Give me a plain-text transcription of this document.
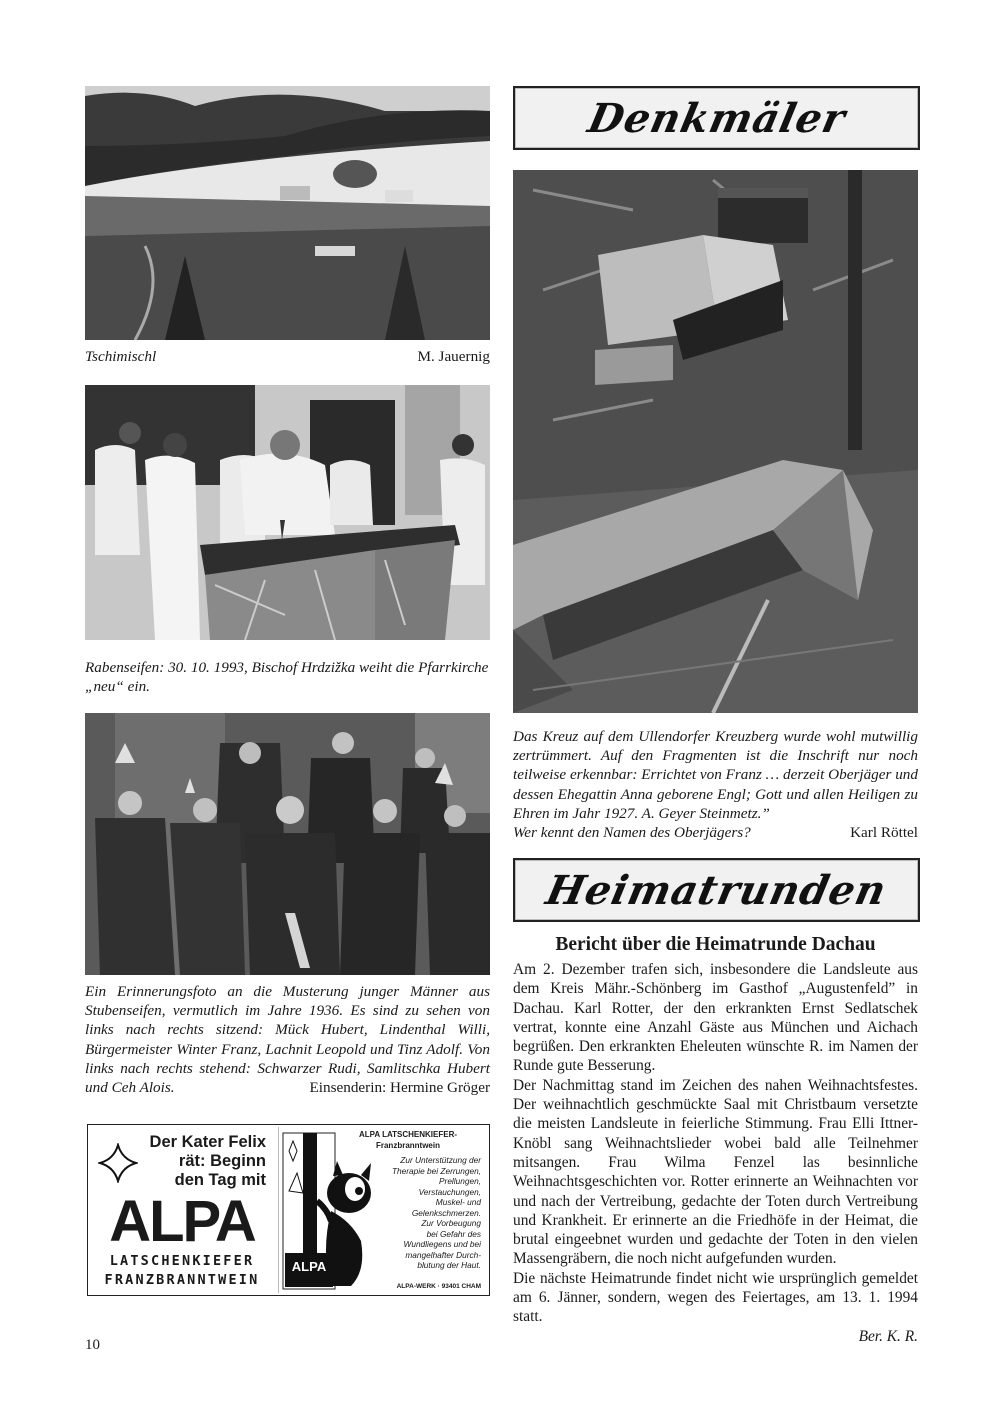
Tschimischl	M. Jauernig
Rabenseifen: 30. 10. 1993, Bischof Hrdzižka weiht die Pfarrkirche „neu“ ein.
Ein Erinnerungsfoto an die Musterung junger Männer aus Stubenseifen, vermutlich im Jahre 1936. Es sind zu sehen von links nach rechts sitzend: Mück Hubert, Lindenthal Willi, Bürgermeister Winter Franz, Lachnit Leopold und Tinz Adolf. Von links nach rechts stehend: Schwarzer Rudi, Samlitschka Hubert und Ceh Alois.	Einsenderin: Hermine Gröger
Der Kater Felix
rät: Beginn
den Tag mit
ALPA
LATSCHENKIEFER
FRANZBRANNTWEIN
ALPA
ALPA LATSCHENKIEFER-
Franzbranntwein
Zur Unterstützung der
Therapie bei Zerrungen,
Prellungen,
Verstauchungen,
Muskel- und
Gelenkschmerzen.
Zur Vorbeugung
bei Gefahr des
Wundliegens und bei
mangelhafter Durch-
blutung der Haut.
ALPA-WERK · 93401 CHAM
10
Denkmäler
Das Kreuz auf dem Ullendorfer Kreuzberg wurde wohl mutwillig zertrümmert. Auf den Fragmenten ist die Inschrift nur noch teilweise erkennbar: Errichtet von Franz … derzeit Oberjäger und dessen Ehegattin Anna geborene Engl; Gott und allen Heiligen zu Ehren im Jahr 1927. A. Geyer Steinmetz.”
Wer kennt den Namen des Oberjägers?	Karl Röttel
Heimatrunden
Bericht über die Heimatrunde Dachau

Am 2. Dezember trafen sich, insbesondere die Landsleute aus dem Kreis Mähr.-Schönberg im Gasthof „Augustenfeld” in Dachau. Karl Rotter, der den erkrankten Ernst Sedlatschek vertrat, konnte eine Anzahl Gäste aus München und Aichach begrüßen. Den erkrankten Eheleuten wünschte R. im Namen der Runde gute Besserung.

Der Nachmittag stand im Zeichen des nahen Weihnachtsfestes. Der weihnachtlich geschmückte Saal mit Christbaum versetzte die meisten Landsleute in feierliche Stimmung. Frau Elli Ittner-Knöbl sang Weihnachtslieder wobei bald alle Teilnehmer mitsangen. Frau Wilma Fenzel las besinnliche Weihnachtsgeschichten vor. Rotter erinnerte an Weihnachten vor und nach der Vertreibung, gedachte der Toten durch Vertreibung und Krankheit. Er erinnerte an die Friedhöfe in der Heimat, die brutal eingeebnet wurden und gedachte der Toten in den vielen Massengräbern, die noch nicht aufgefunden wurden.

Die nächste Heimatrunde findet nicht wie ursprünglich gemeldet am 6. Jänner, sondern, wegen des Feiertages, am 13. 1. 1994 statt.

Ber. K. R.
